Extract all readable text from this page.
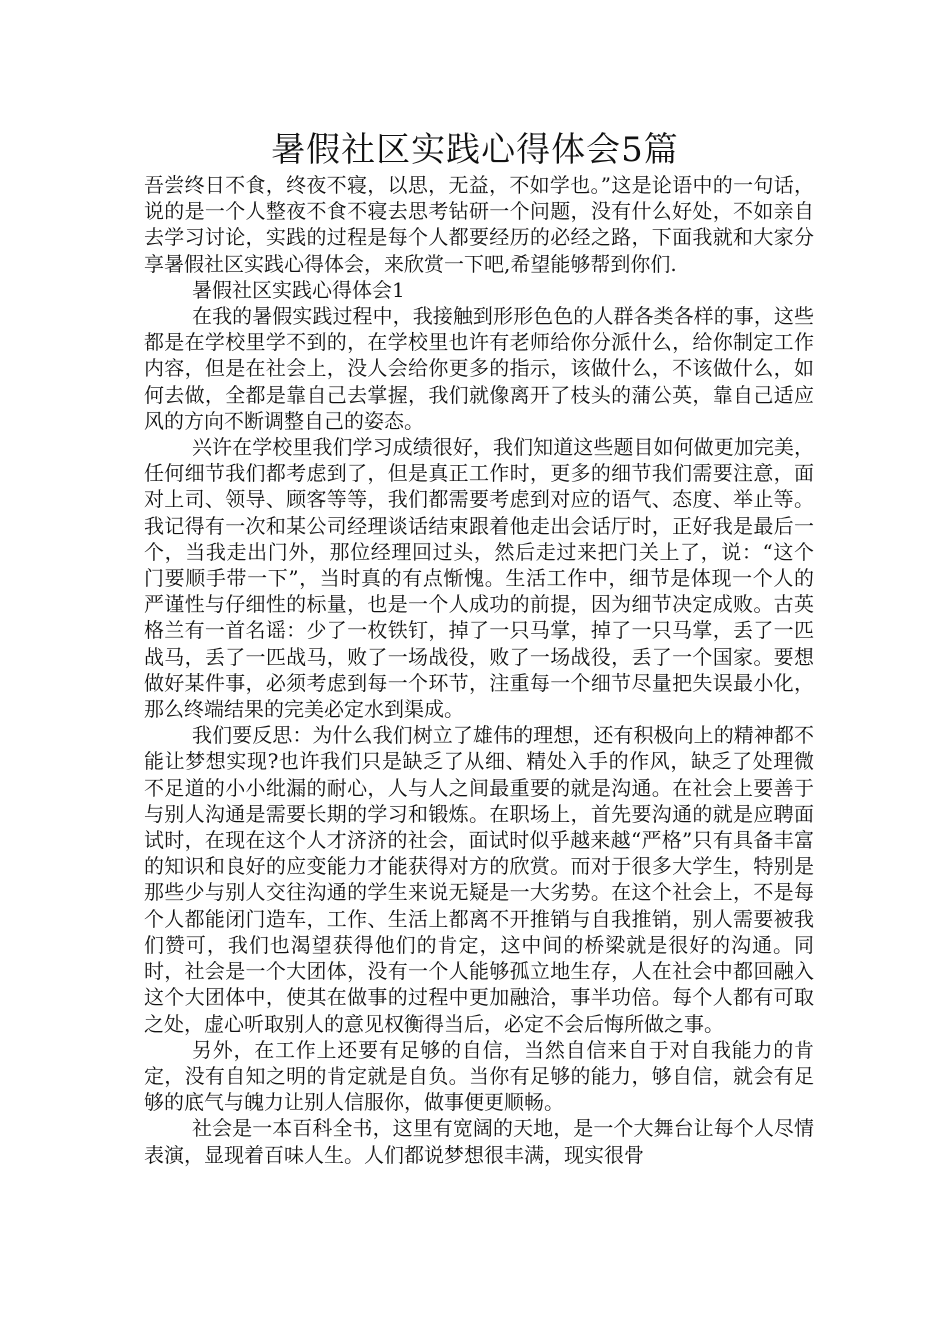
暑假社区实践心得体会5篇

吾尝终日不食，终夜不寝，以思，无益，不如学也。”这是论语中的一句话，说的是一个人整夜不食不寝去思考钻研一个问题，没有什么好处，不如亲自去学习讨论，实践的过程是每个人都要经历的必经之路，下面我就和大家分享暑假社区实践心得体会，来欣赏一下吧,希望能够帮到你们.

暑假社区实践心得体会1

在我的暑假实践过程中，我接触到形形色色的人群各类各样的事，这些都是在学校里学不到的，在学校里也许有老师给你分派什么，给你制定工作内容，但是在社会上，没人会给你更多的指示，该做什么，不该做什么，如何去做，全都是靠自己去掌握，我们就像离开了枝头的蒲公英，靠自己适应风的方向不断调整自己的姿态。

兴许在学校里我们学习成绩很好，我们知道这些题目如何做更加完美，任何细节我们都考虑到了，但是真正工作时，更多的细节我们需要注意，面对上司、领导、顾客等等，我们都需要考虑到对应的语气、态度、举止等。我记得有一次和某公司经理谈话结束跟着他走出会话厅时，正好我是最后一个，当我走出门外，那位经理回过头，然后走过来把门关上了，说：“这个门要顺手带一下”，当时真的有点惭愧。生活工作中，细节是体现一个人的严谨性与仔细性的标量，也是一个人成功的前提，因为细节决定成败。古英格兰有一首名谣：少了一枚铁钉，掉了一只马掌，掉了一只马掌，丢了一匹战马，丢了一匹战马，败了一场战役，败了一场战役，丢了一个国家。要想做好某件事，必须考虑到每一个环节，注重每一个细节尽量把失误最小化，那么终端结果的完美必定水到渠成。

我们要反思：为什么我们树立了雄伟的理想，还有积极向上的精神都不能让梦想实现?也许我们只是缺乏了从细、精处入手的作风，缺乏了处理微不足道的小小纰漏的耐心，人与人之间最重要的就是沟通。在社会上要善于与别人沟通是需要长期的学习和锻炼。在职场上，首先要沟通的就是应聘面试时，在现在这个人才济济的社会，面试时似乎越来越“严格”只有具备丰富的知识和良好的应变能力才能获得对方的欣赏。而对于很多大学生，特别是那些少与别人交往沟通的学生来说无疑是一大劣势。在这个社会上，不是每个人都能闭门造车，工作、生活上都离不开推销与自我推销，别人需要被我们赞可，我们也渴望获得他们的肯定，这中间的桥梁就是很好的沟通。同时，社会是一个大团体，没有一个人能够孤立地生存，人在社会中都回融入这个大团体中，使其在做事的过程中更加融洽，事半功倍。每个人都有可取之处，虚心听取别人的意见权衡得当后，必定不会后悔所做之事。

另外，在工作上还要有足够的自信，当然自信来自于对自我能力的肯定，没有自知之明的肯定就是自负。当你有足够的能力，够自信，就会有足够的底气与魄力让别人信服你，做事便更顺畅。

社会是一本百科全书，这里有宽阔的天地，是一个大舞台让每个人尽情表演，显现着百味人生。人们都说梦想很丰满，现实很骨
